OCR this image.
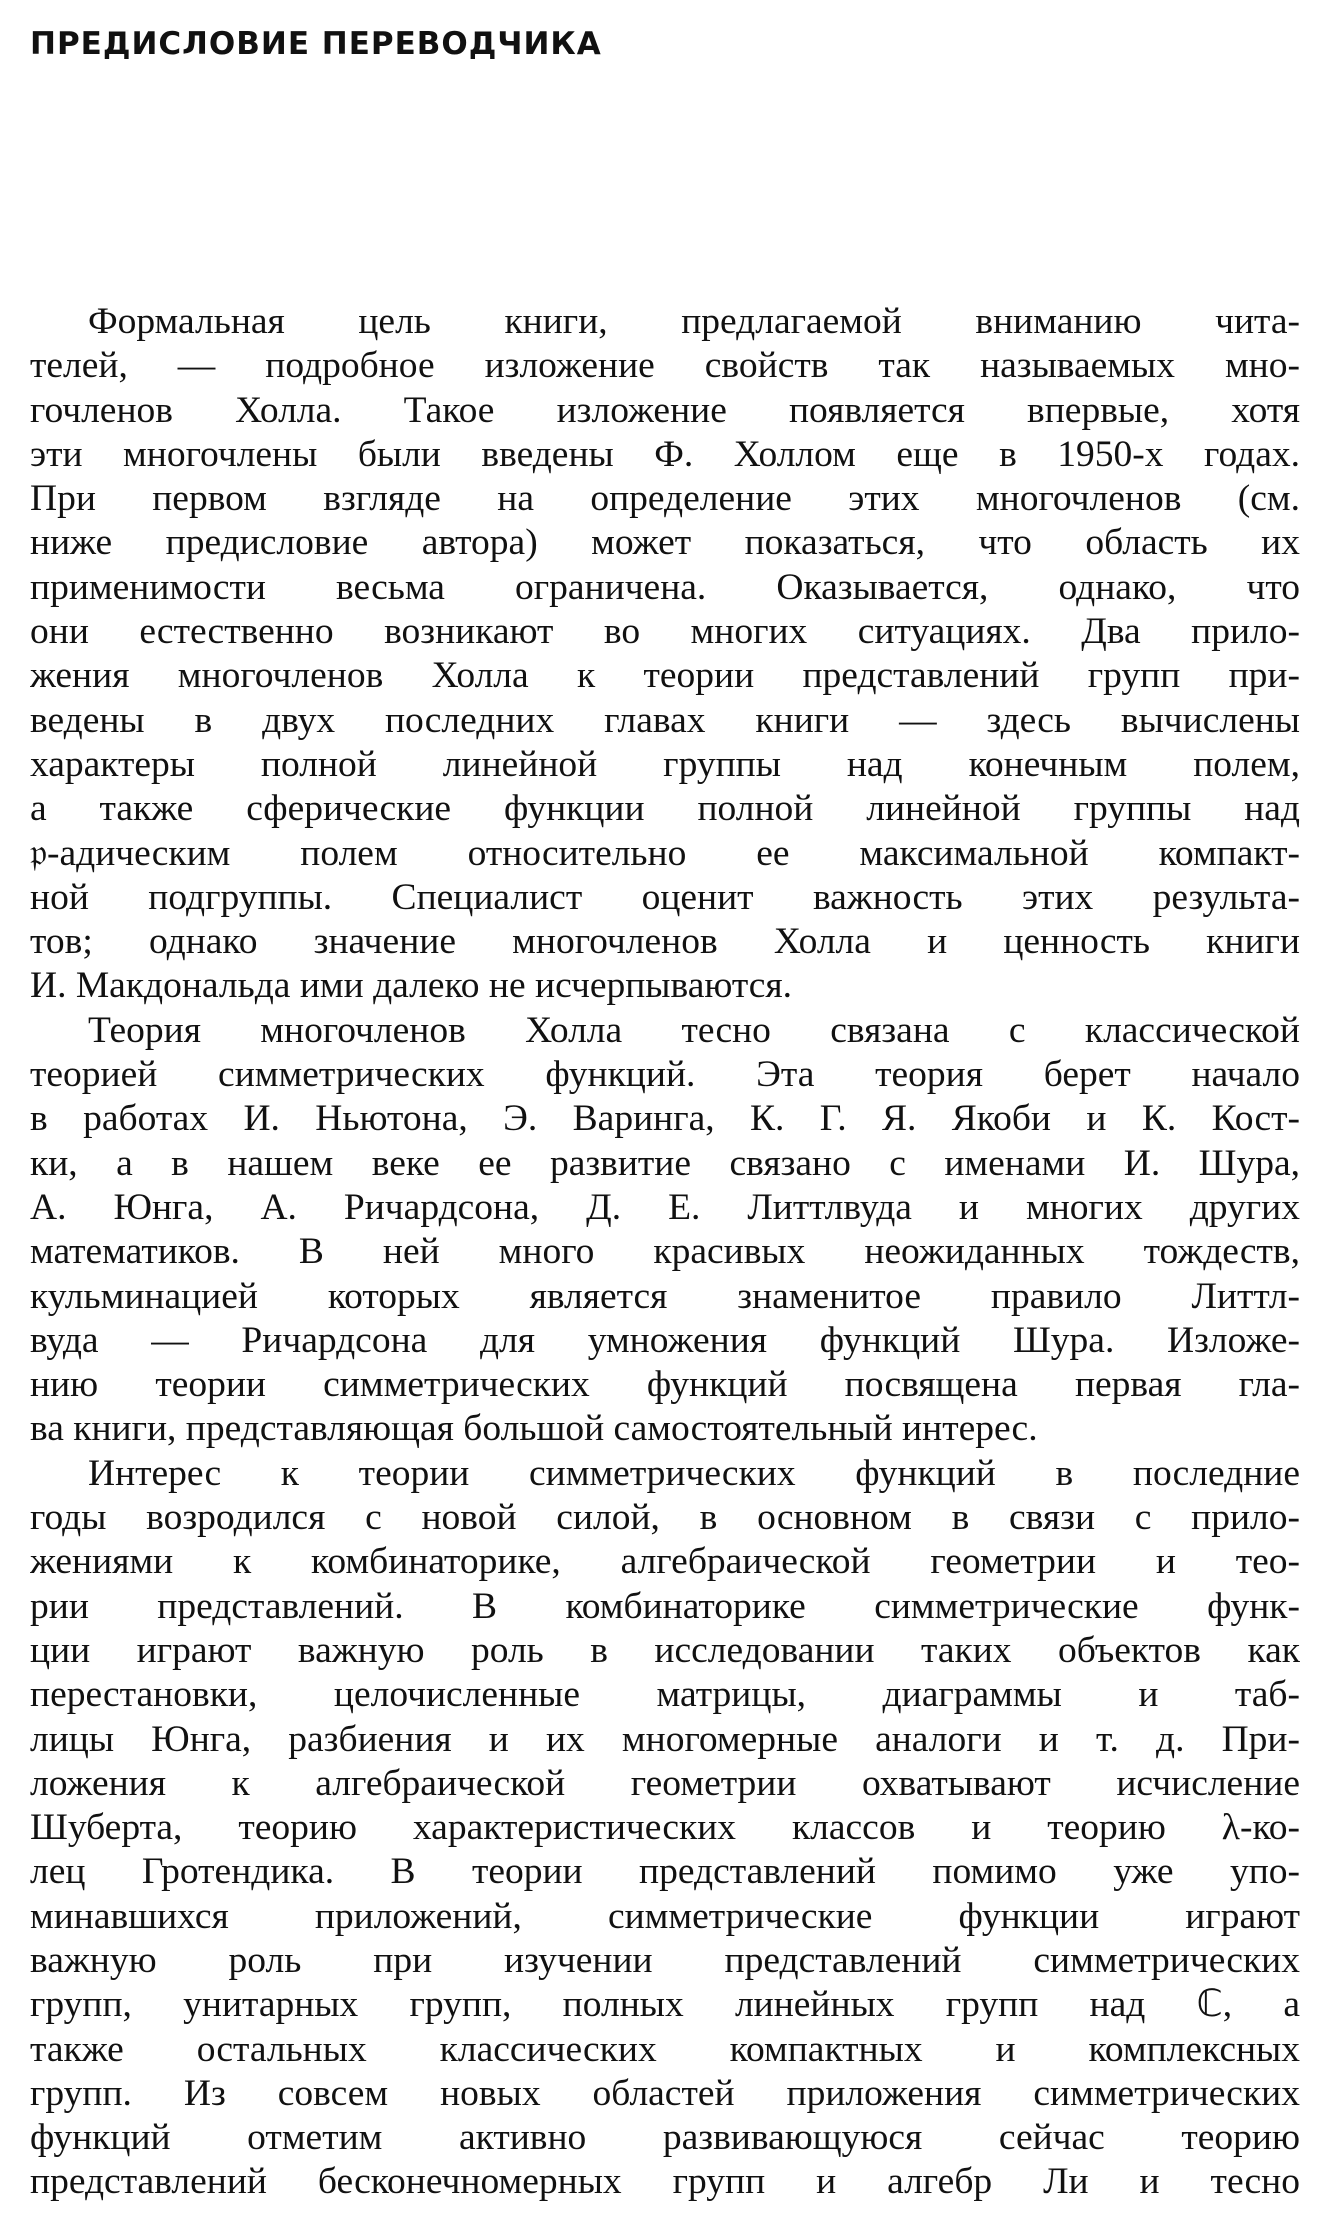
ПРЕДИСЛОВИЕ ПЕРЕВОДЧИКА
Формальная цель книги, предлагаемой вниманию чита-
телей, — подробное изложение свойств так называемых мно-
гочленов Холла. Такое изложение появляется впервые, хотя
эти многочлены были введены Ф. Холлом еще в 1950-х годах.
При первом взгляде на определение этих многочленов (см.
ниже предисловие автора) может показаться, что область их
применимости весьма ограничена. Оказывается, однако, что
они естественно возникают во многих ситуациях. Два прило-
жения многочленов Холла к теории представлений групп при-
ведены в двух последних главах книги — здесь вычислены
характеры полной линейной группы над конечным полем,
а также сферические функции полной линейной группы над
𝔭-адическим полем относительно ее максимальной компакт-
ной подгруппы. Специалист оценит важность этих результа-
тов; однако значение многочленов Холла и ценность книги
И. Макдональда ими далеко не исчерпываются.
Теория многочленов Холла тесно связана с классической
теорией симметрических функций. Эта теория берет начало
в работах И. Ньютона, Э. Варинга, К. Г. Я. Якоби и К. Кост-
ки, а в нашем веке ее развитие связано с именами И. Шура,
А. Юнга, А. Ричардсона, Д. Е. Литтлвуда и многих других
математиков. В ней много красивых неожиданных тождеств,
кульминацией которых является знаменитое правило Литтл-
вуда — Ричардсона для умножения функций Шура. Изложе-
нию теории симметрических функций посвящена первая гла-
ва книги, представляющая большой самостоятельный интерес.
Интерес к теории симметрических функций в последние
годы возродился с новой силой, в основном в связи с прило-
жениями к комбинаторике, алгебраической геометрии и тео-
рии представлений. В комбинаторике симметрические функ-
ции играют важную роль в исследовании таких объектов как
перестановки, целочисленные матрицы, диаграммы и таб-
лицы Юнга, разбиения и их многомерные аналоги и т. д. При-
ложения к алгебраической геометрии охватывают исчисление
Шуберта, теорию характеристических классов и теорию λ-ко-
лец Гротендика. В теории представлений помимо уже упо-
минавшихся приложений, симметрические функции играют
важную роль при изучении представлений симметрических
групп, унитарных групп, полных линейных групп над ℂ, а
также остальных классических компактных и комплексных
групп. Из совсем новых областей приложения симметрических
функций отметим активно развивающуюся сейчас теорию
представлений бесконечномерных групп и алгебр Ли и тесно
